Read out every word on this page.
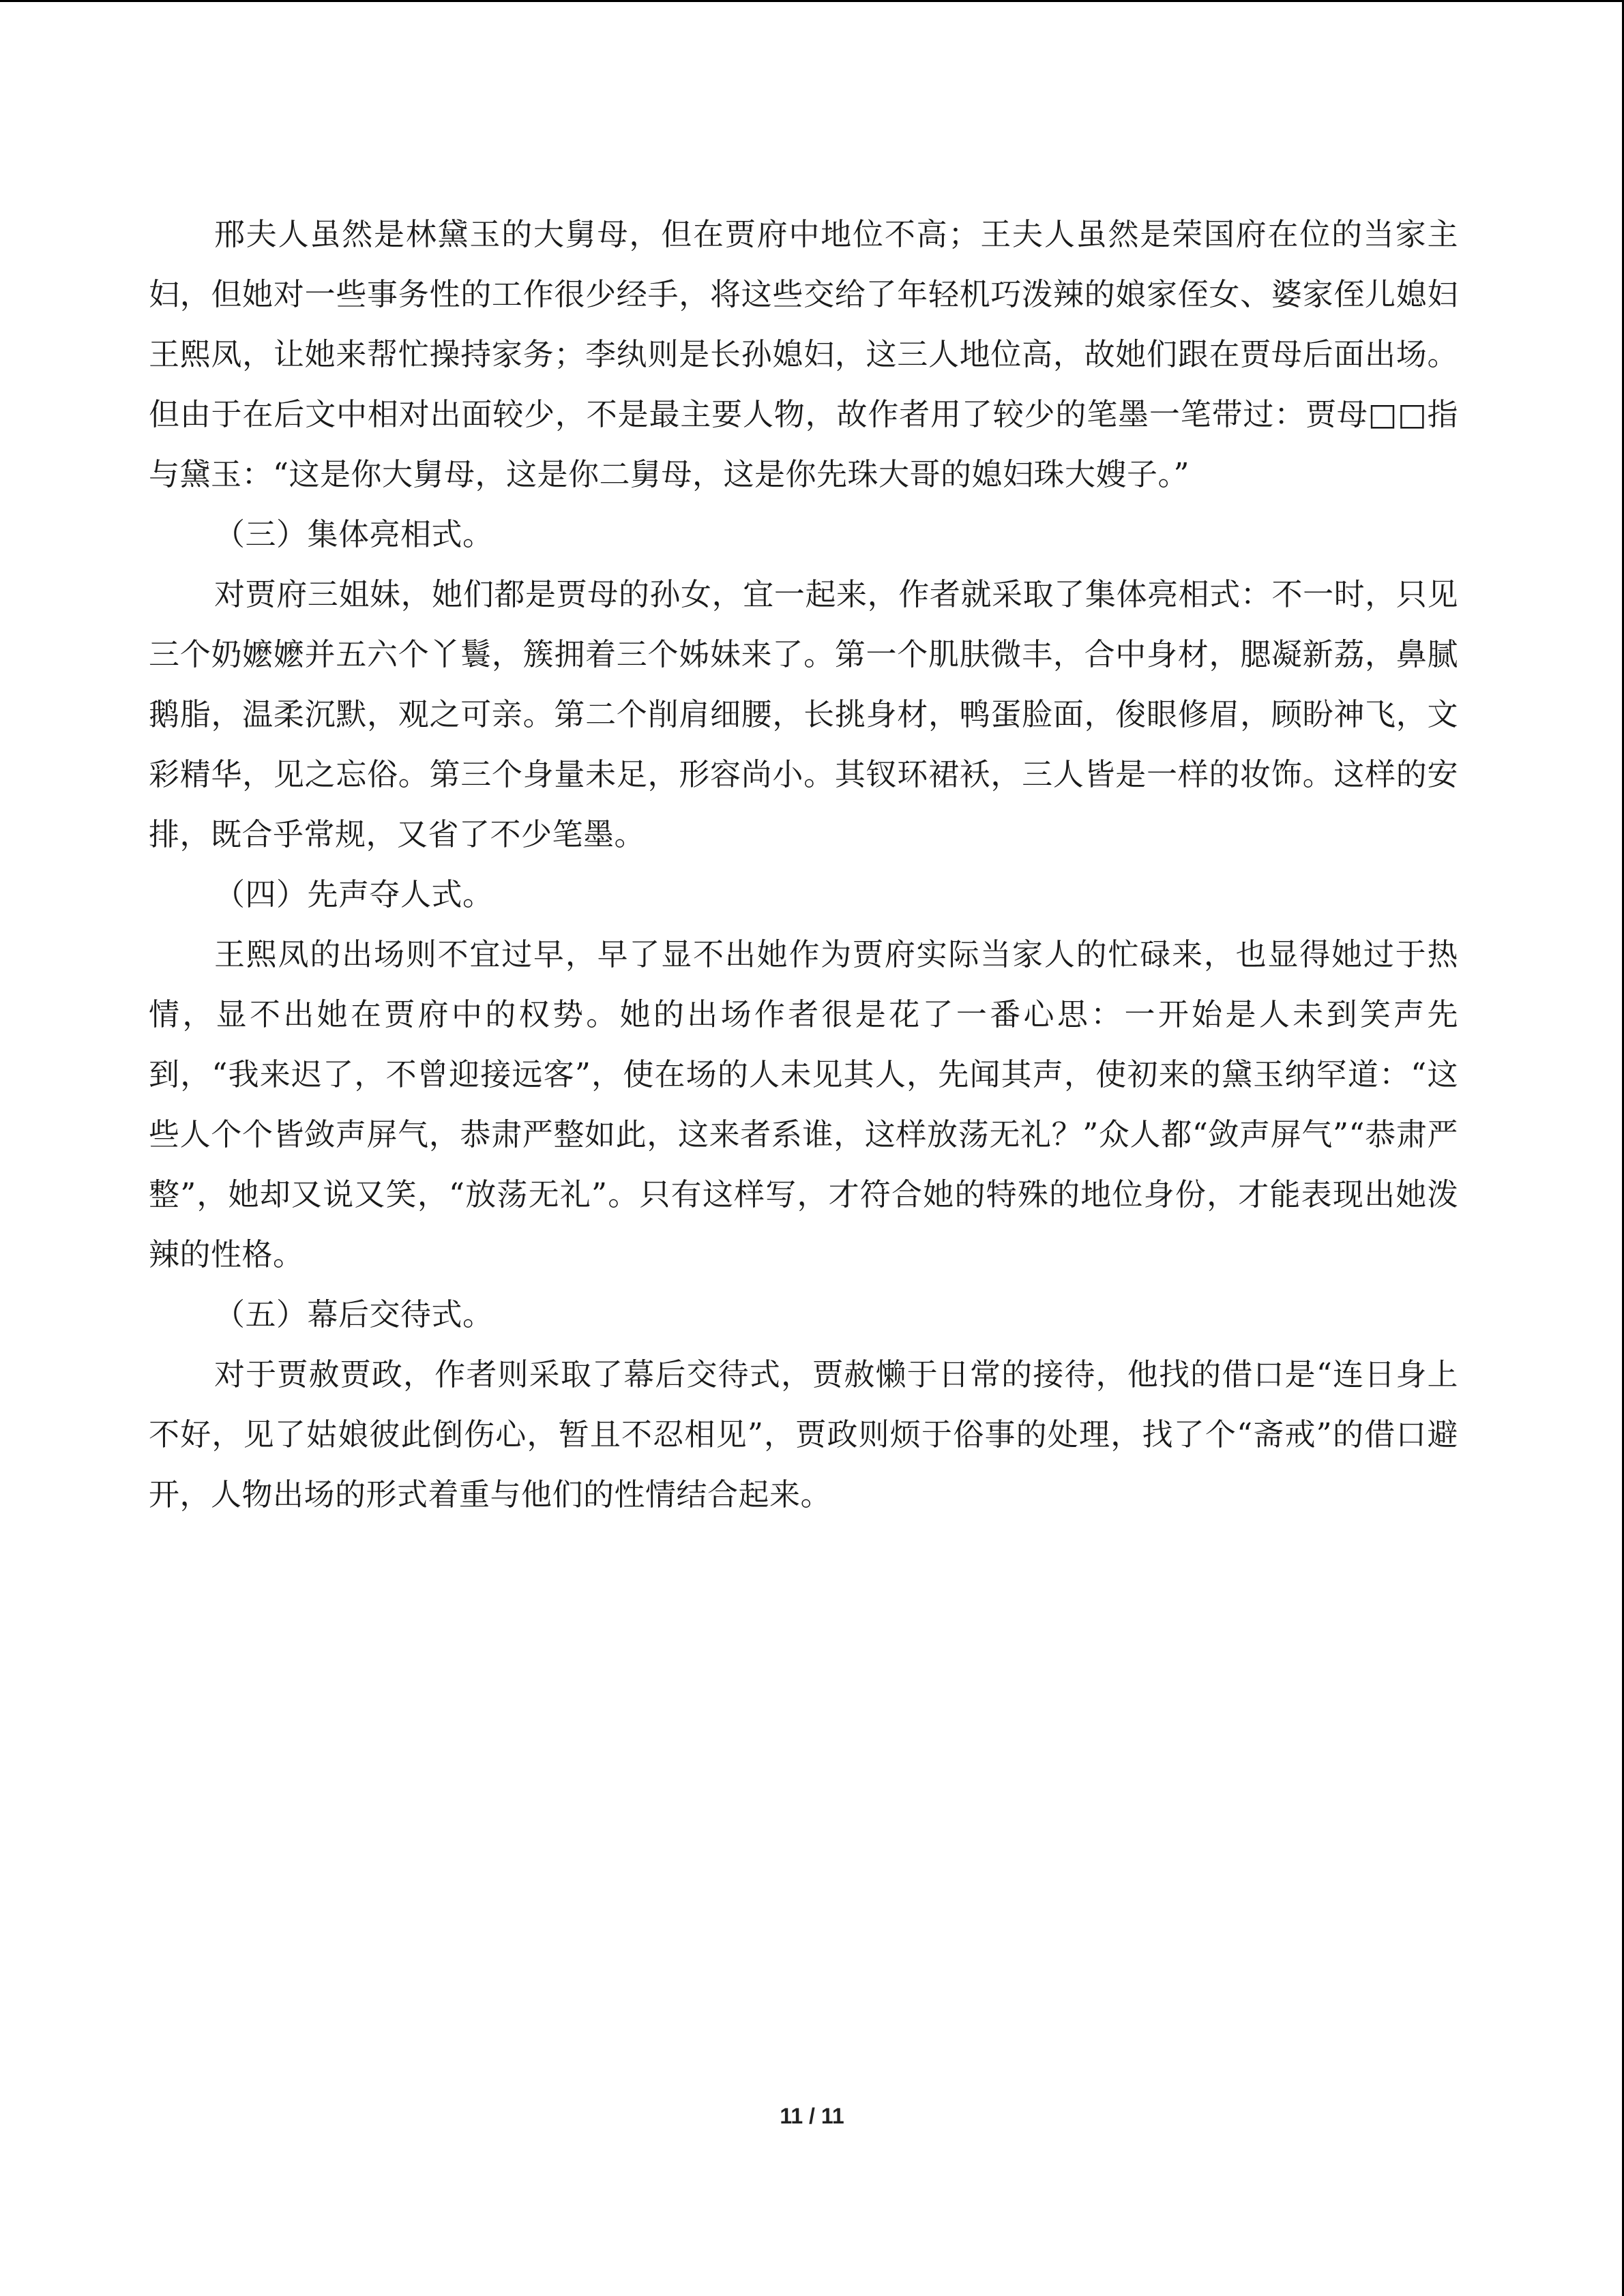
邢夫人虽然是林黛玉的大舅母，但在贾府中地位不高；王夫人虽然是荣国府在位的当家主妇，但她对一些事务性的工作很少经手，将这些交给了年轻机巧泼辣的娘家侄女、婆家侄儿媳妇王熙凤，让她来帮忙操持家务；李纨则是长孙媳妇，这三人地位高，故她们跟在贾母后面出场。但由于在后文中相对出面较少，不是最主要人物，故作者用了较少的笔墨一笔带过：贾母□□指与黛玉：“这是你大舅母，这是你二舅母，这是你先珠大哥的媳妇珠大嫂子。”

（三）集体亮相式。

对贾府三姐妹，她们都是贾母的孙女，宜一起来，作者就采取了集体亮相式：不一时，只见三个奶嬷嬷并五六个丫鬟，簇拥着三个姊妹来了。第一个肌肤微丰，合中身材，腮凝新荔，鼻腻鹅脂，温柔沉默，观之可亲。第二个削肩细腰，长挑身材，鸭蛋脸面，俊眼修眉，顾盼神飞，文彩精华，见之忘俗。第三个身量未足，形容尚小。其钗环裙袄，三人皆是一样的妆饰。这样的安排，既合乎常规，又省了不少笔墨。

（四）先声夺人式。

王熙凤的出场则不宜过早，早了显不出她作为贾府实际当家人的忙碌来，也显得她过于热情，显不出她在贾府中的权势。她的出场作者很是花了一番心思：一开始是人未到笑声先到，“我来迟了，不曾迎接远客”，使在场的人未见其人，先闻其声，使初来的黛玉纳罕道：“这些人个个皆敛声屏气，恭肃严整如此，这来者系谁，这样放荡无礼？”众人都“敛声屏气”“恭肃严整”，她却又说又笑，“放荡无礼”。只有这样写，才符合她的特殊的地位身份，才能表现出她泼辣的性格。

（五）幕后交待式。

对于贾赦贾政，作者则采取了幕后交待式，贾赦懒于日常的接待，他找的借口是“连日身上不好，见了姑娘彼此倒伤心，暂且不忍相见”，贾政则烦于俗事的处理，找了个“斋戒”的借口避开，人物出场的形式着重与他们的性情结合起来。

11 / 11
